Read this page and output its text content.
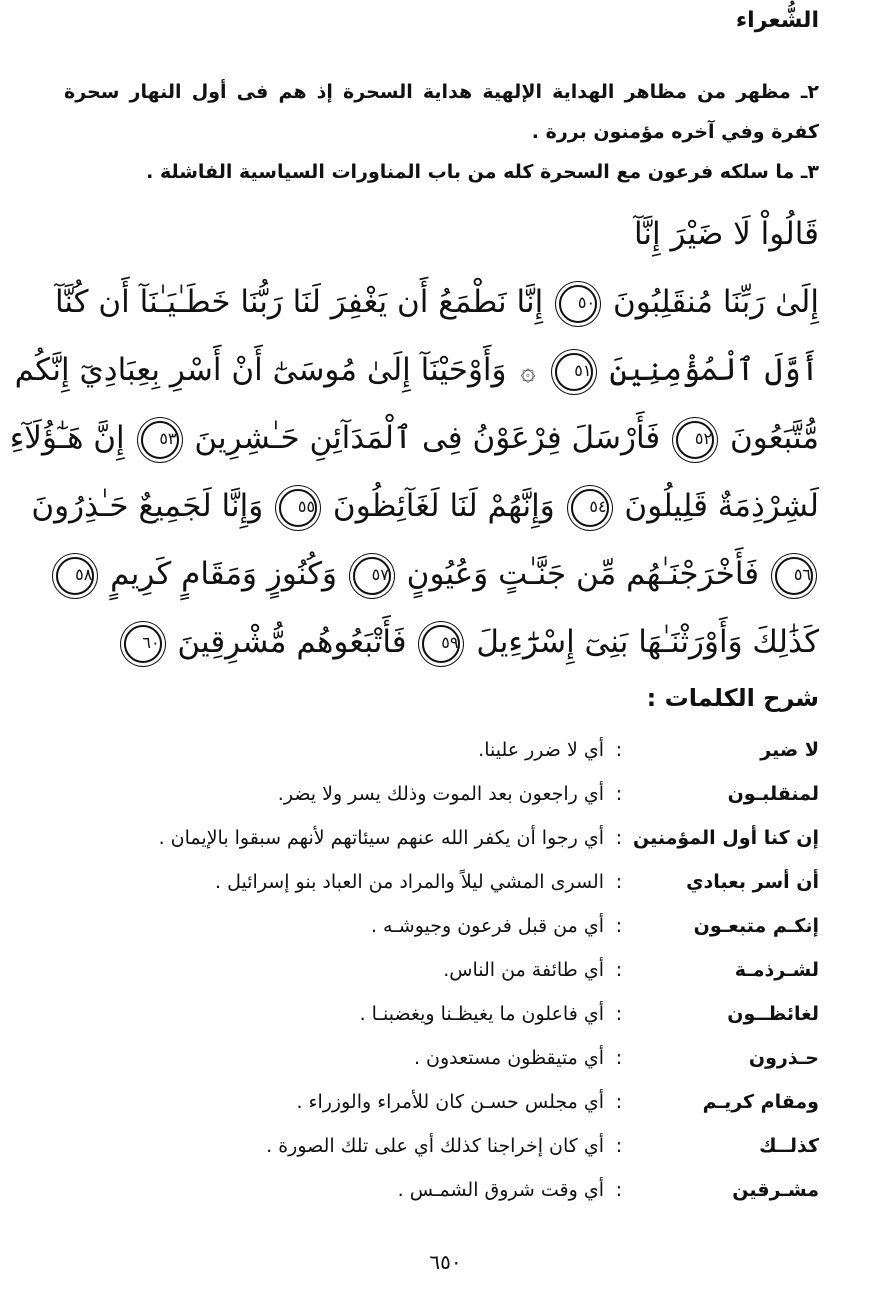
الشُّعراء

٢ـ مظهر من مظاهر الهداية الإلهية هداية السحرة إذ هم فى أول النهار سحرة كفرة وفي آخره مؤمنون بررة .

٣ـ ما سلكه فرعون مع السحرة كله من باب المناورات السياسية الفاشلة .

قَالُواْ لَا ضَيْرَ إِنَّآ
إِلَىٰ رَبِّنَا مُنقَلِبُونَ ٥٠ إِنَّا نَطْمَعُ أَن يَغْفِرَ لَنَا رَبُّنَا خَطَـٰيَـٰنَآ أَن كُنَّآ
أَوَّلَ ٱلْمُؤْمِنِينَ ٥١ ۞ وَأَوْحَيْنَآ إِلَىٰ مُوسَىٰٓ أَنْ أَسْرِ بِعِبَادِيٓ إِنَّكُم
مُّتَّبَعُونَ ٥٢ فَأَرْسَلَ فِرْعَوْنُ فِى ٱلْمَدَآئِنِ حَـٰشِرِينَ ٥٣ إِنَّ هَـٰٓؤُلَآءِ
لَشِرْذِمَةٌ قَلِيلُونَ ٥٤ وَإِنَّهُمْ لَنَا لَغَآئِظُونَ ٥٥ وَإِنَّا لَجَمِيعٌ حَـٰذِرُونَ
٥٦ فَأَخْرَجْنَـٰهُم مِّن جَنَّـٰتٍ وَعُيُونٍ ٥٧ وَكُنُوزٍ وَمَقَامٍ كَرِيمٍ ٥٨
كَذَٰلِكَ وَأَوْرَثْنَـٰهَا بَنِىٓ إِسْرَٰٓءِيلَ ٥٩ فَأَتْبَعُوهُم مُّشْرِقِينَ ٦٠
شرح الكلمات :
لا ضير
:
أي لا ضرر علينا.
لمنقلبـون
:
أي راجعون بعد الموت وذلك يسر ولا يضر.
إن كنا أول المؤمنين
:
أي رجوا أن يكفر الله عنهم سيئاتهم لأنهم سبقوا بالإيمان .
أن أسر بعبادي
:
السرى المشي ليلاً والمراد من العباد بنو إسرائيل .
إنكـم متبعـون
:
أي من قبل فرعون وجيوشـه .
لشـرذمـة
:
أي طائفة من الناس.
لغائظــون
:
أي فاعلون ما يغيظـنا ويغضبنـا .
حـذرون
:
أي متيقظون مستعدون .
ومقام كريـم
:
أي مجلس حسـن كان للأمراء والوزراء .
كذلــك
:
أي كان إخراجنا كذلك أي على تلك الصورة .
مشـرقين
:
أي وقت شروق الشمـس .
٦٥٠
